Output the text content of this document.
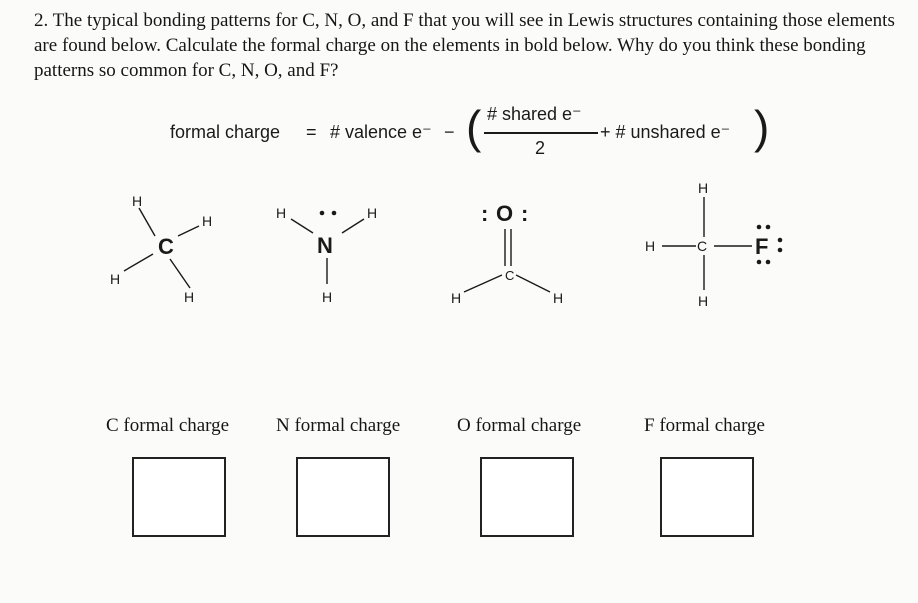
2. The typical bonding patterns for C, N, O, and F that you will see in Lewis structures containing those elements are found below. Calculate the formal charge on the elements in bold below. Why do you think these bonding patterns so common for C, N, O, and F?
formal charge = # valence e⁻ − ( # shared e⁻
2
+ # unshared e⁻ )
C
H
H
H
H
N
H	H
H
: O :
C
H	H
H	C
H
H
F
C formal charge N formal charge	O formal charge	F formal charge
